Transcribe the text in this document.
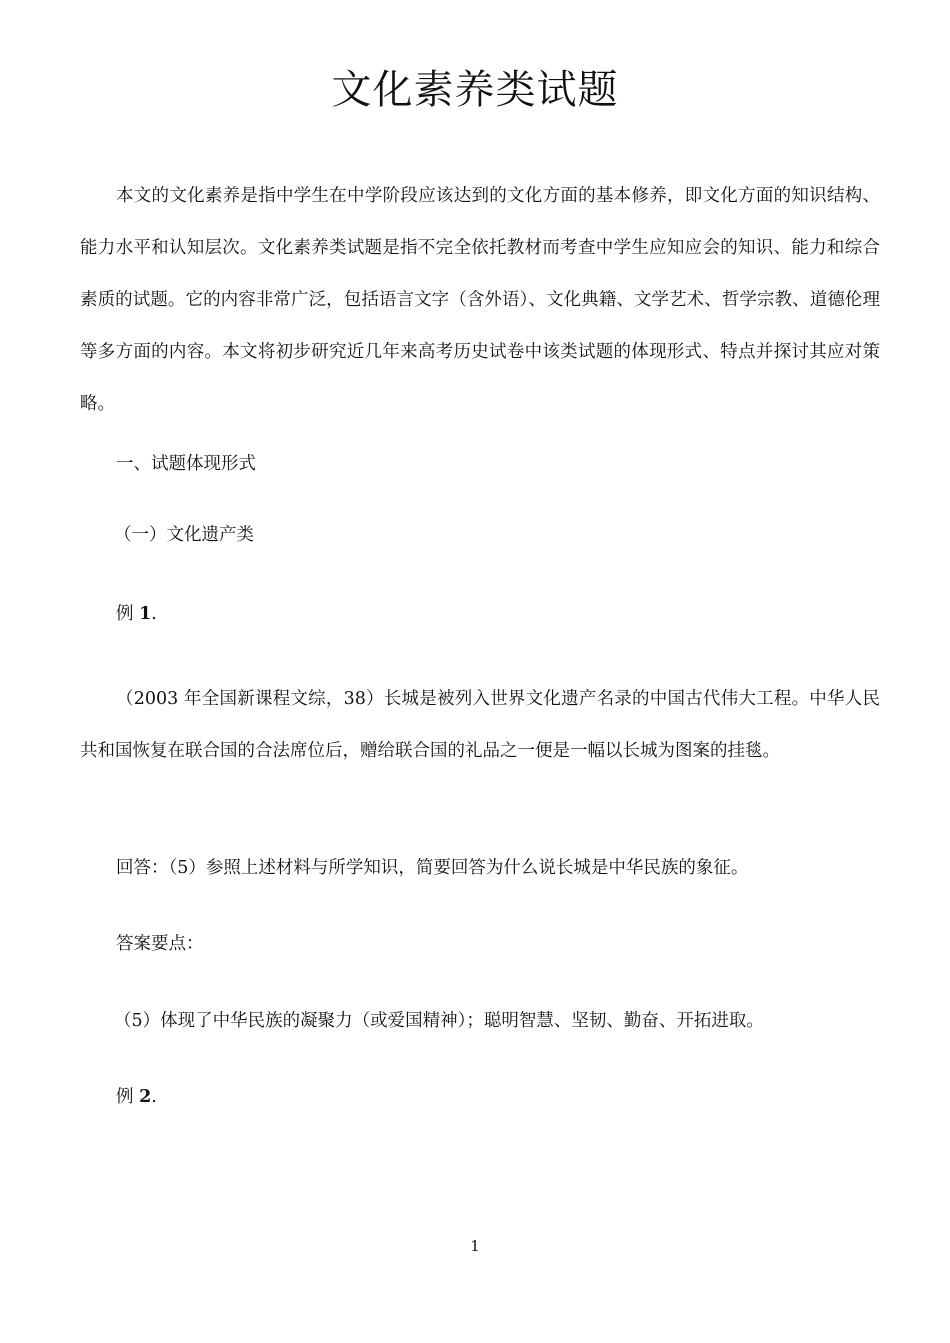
文化素养类试题

本文的文化素养是指中学生在中学阶段应该达到的文化方面的基本修养，即文化方面的知识结构、能力水平和认知层次。文化素养类试题是指不完全依托教材而考查中学生应知应会的知识、能力和综合素质的试题。它的内容非常广泛，包括语言文字（含外语）、文化典籍、文学艺术、哲学宗教、道德伦理等多方面的内容。本文将初步研究近几年来高考历史试卷中该类试题的体现形式、特点并探讨其应对策略。

一、试题体现形式

（一）文化遗产类

例 1.

（2003 年全国新课程文综，38）长城是被列入世界文化遗产名录的中国古代伟大工程。中华人民共和国恢复在联合国的合法席位后，赠给联合国的礼品之一便是一幅以长城为图案的挂毯。

回答：（5）参照上述材料与所学知识，简要回答为什么说长城是中华民族的象征。

答案要点：

（5）体现了中华民族的凝聚力（或爱国精神）；聪明智慧、坚韧、勤奋、开拓进取。

例 2.

1
